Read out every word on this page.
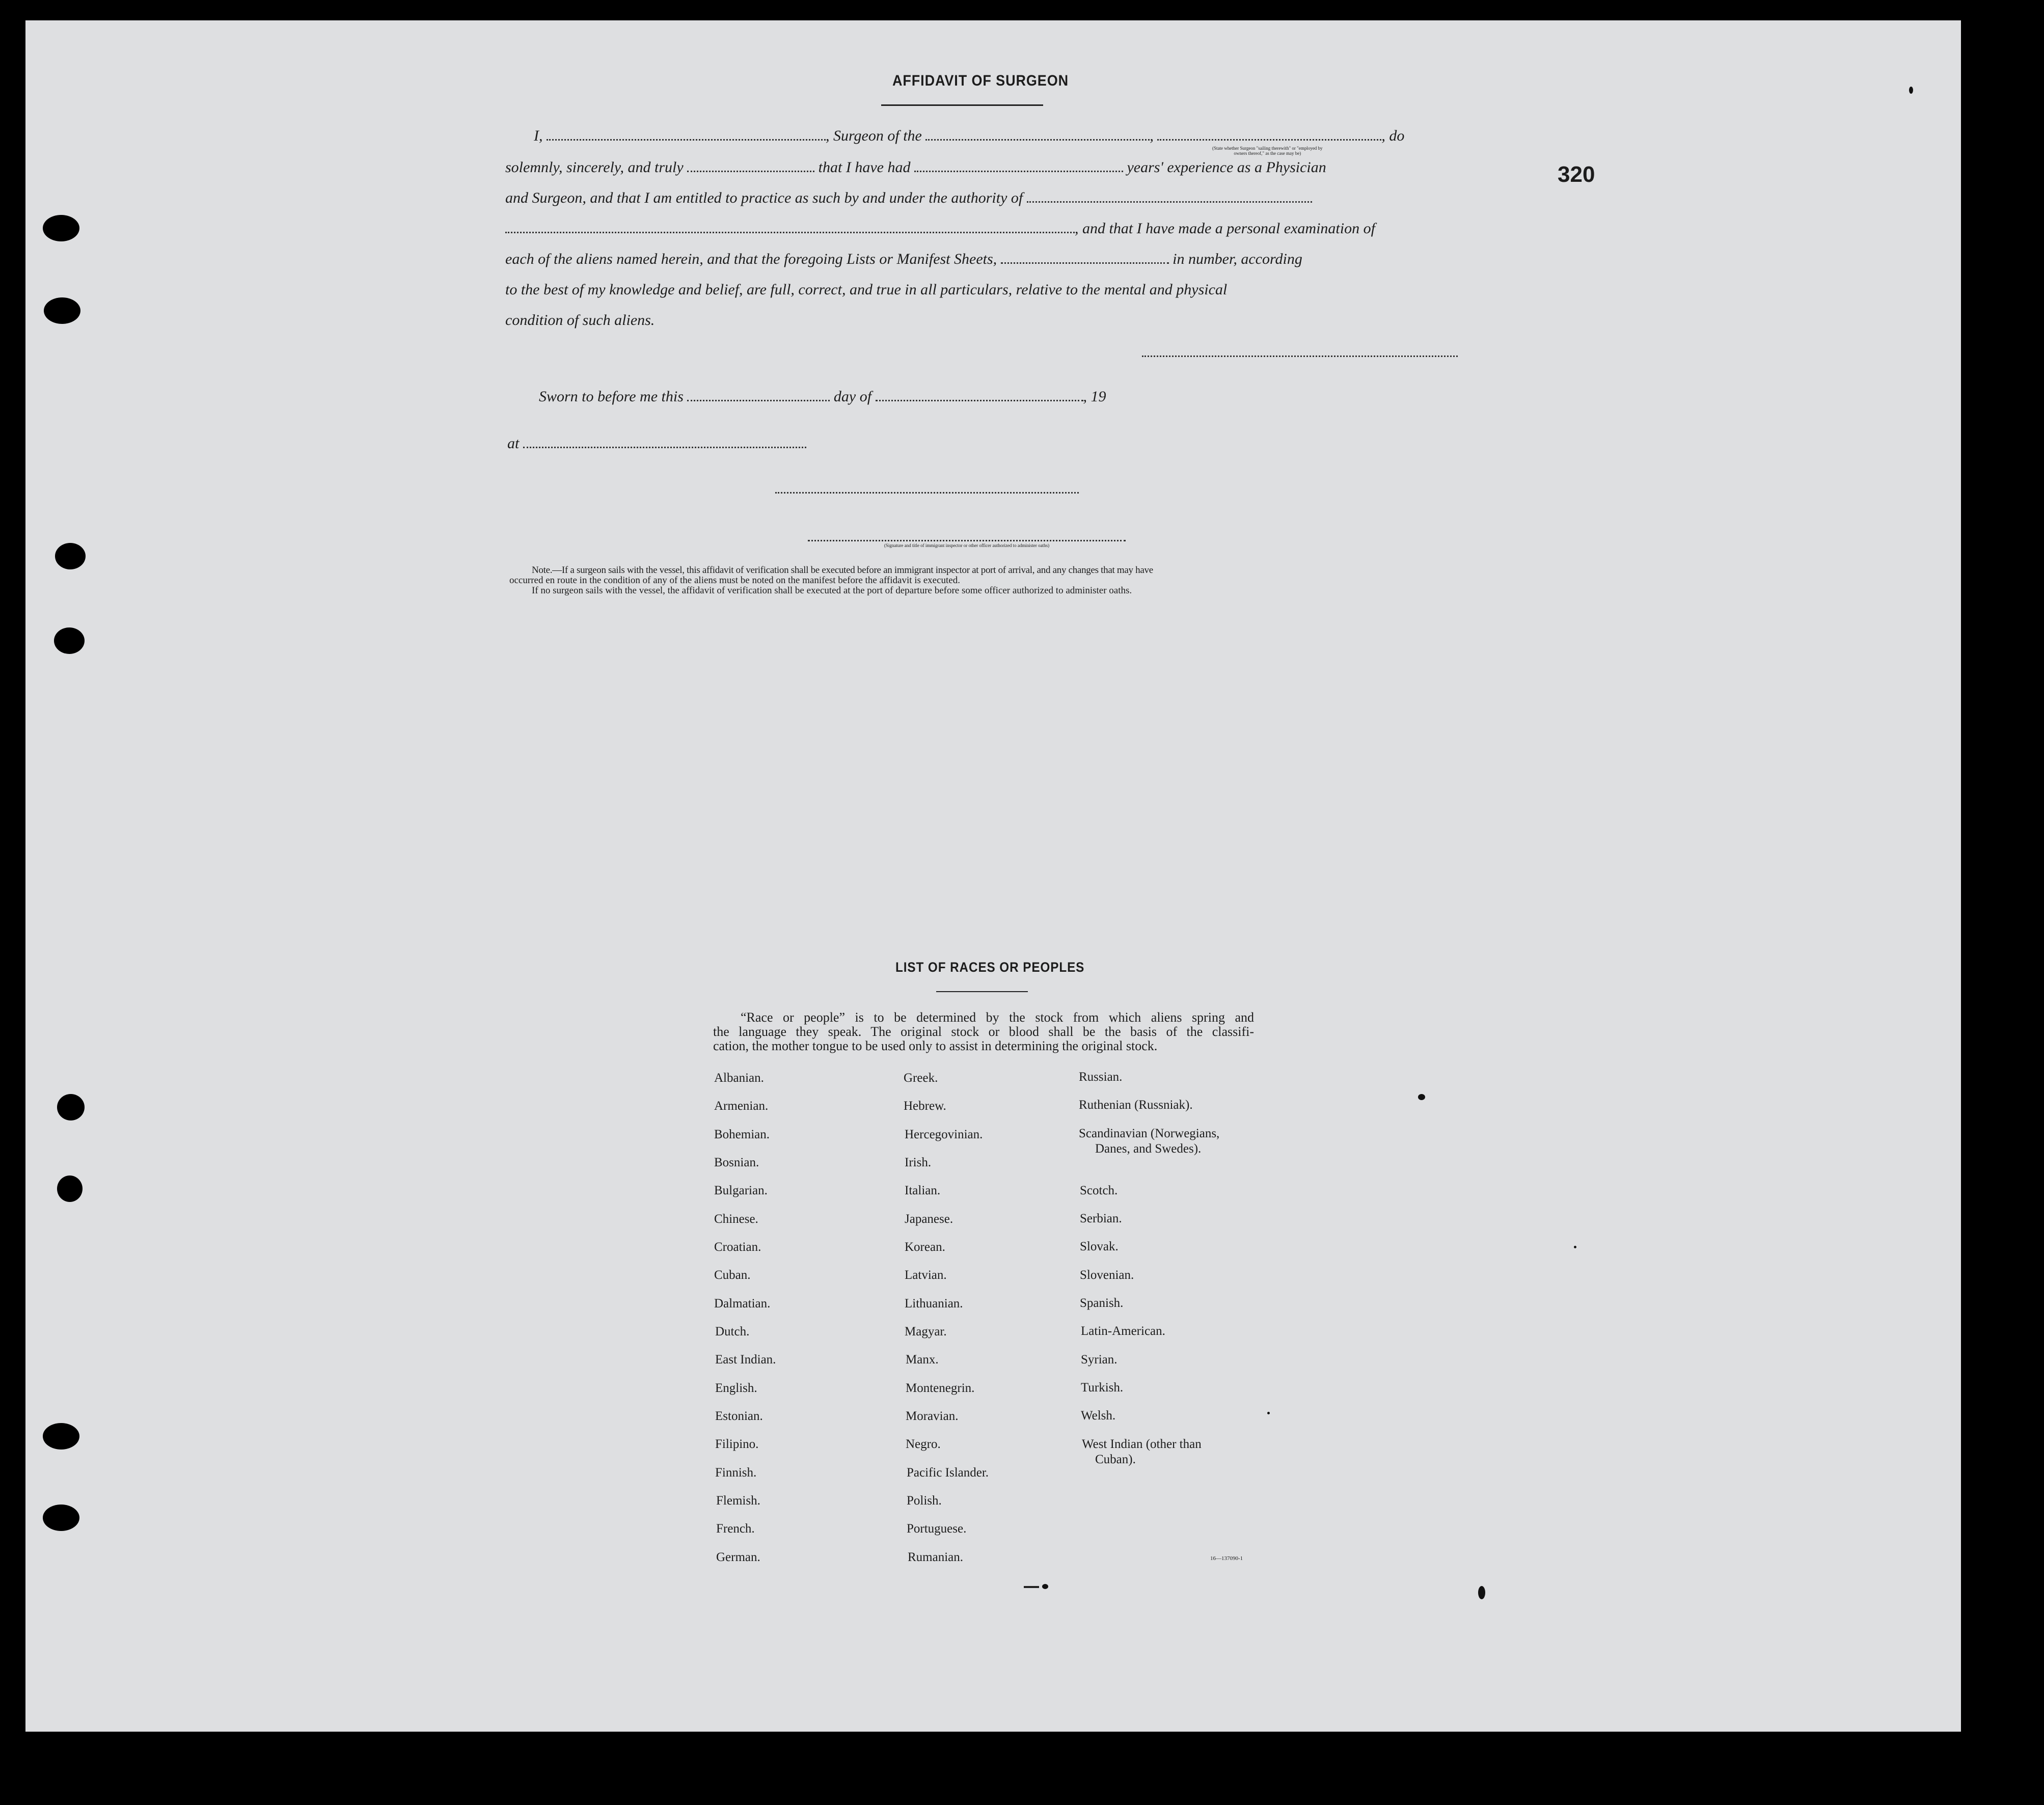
320
AFFIDAVIT OF SURGEON
I,	, Surgeon of the	,	, do
(State whether Surgeon "sailing therewith" or "employed by
owners thereof," as the case may be)
solemnly, sincerely, and truly	that I have had	years' experience as a Physician
and Surgeon, and that I am entitled to practice as such by and under the authority of
, and that I have made a personal examination of
each of the aliens named herein, and that the foregoing Lists or Manifest Sheets,	in number, according
to the best of my knowledge and belief, are full, correct, and true in all particulars, relative to the mental and physical
condition of such aliens.
Sworn to before me this	day of	, 19
at
(Signature and title of immigrant inspector or other officer authorized to administer oaths)
Note.—If a surgeon sails with the vessel, this affidavit of verification shall be executed before an immigrant inspector at port of arrival, and any changes that may have
occurred en route in the condition of any of the aliens must be noted on the manifest before the affidavit is executed.
If no surgeon sails with the vessel, the affidavit of verification shall be executed at the port of departure before some officer authorized to administer oaths.
LIST OF RACES OR PEOPLES
“Race or people” is to be determined by the stock from which aliens spring and
the language they speak. The original stock or blood shall be the basis of the classifi-
cation, the mother tongue to be used only to assist in determining the original stock.
Albanian.
Armenian.
Bohemian.
Bosnian.
Bulgarian.
Chinese.
Croatian.
Cuban.
Dalmatian.
Dutch.
East Indian.
English.
Estonian.
Filipino.
Finnish.
Flemish.
French.
German.
Greek.
Hebrew.
Hercegovinian.
Irish.
Italian.
Japanese.
Korean.
Latvian.
Lithuanian.
Magyar.
Manx.
Montenegrin.
Moravian.
Negro.
Pacific Islander.
Polish.
Portuguese.
Rumanian.
Russian.
Ruthenian (Russniak).
Scandinavian (Norwegians,
Danes, and Swedes).
Scotch.
Serbian.
Slovak.
Slovenian.
Spanish.
Latin-American.
Syrian.
Turkish.
Welsh.
West Indian (other than
Cuban).
16—137090-1
